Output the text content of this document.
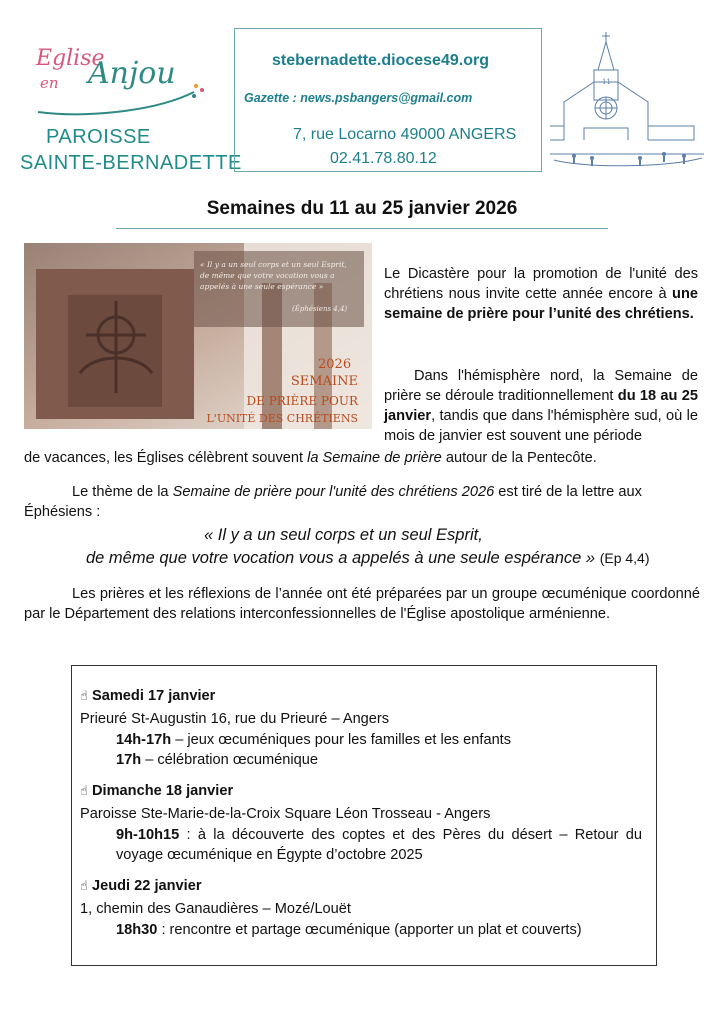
Eglise
en Anjou
PAROISSE
SAINTE-BERNADETTE
stebernadette.diocese49.org
Gazette : news.psbangers@gmail.com
7, rue Locarno 49000 ANGERS
02.41.78.80.12
11
Semaines du 11 au 25 janvier 2026
« Il y a un seul corps et un seul Esprit, de même que votre vocation vous a appelés à une seule espérance »
(Éphésiens 4,4)
2026
SEMAINE
DE PRIÈRE POUR
L'UNITÉ DES CHRÉTIENS
Le Dicastère pour la promotion de l'unité des chrétiens nous invite cette année encore à une semaine de prière pour l’unité des chrétiens.
Dans l'hémisphère nord, la Semaine de prière se déroule traditionnellement du 18 au 25 janvier, tandis que dans l'hémisphère sud, où le mois de janvier est souvent une période
de vacances, les Églises célèbrent souvent la Semaine de prière autour de la Pentecôte.
Le thème de la Semaine de prière pour l'unité des chrétiens 2026 est tiré de la lettre aux Éphésiens :
« Il y a un seul corps et un seul Esprit,
de même que votre vocation vous a appelés à une seule espérance » (Ep 4,4)
Les prières et les réflexions de l’année ont été préparées par un groupe œcuménique coordonné par le Département des relations interconfessionnelles de l'Église apostolique arménienne.
☝ Samedi 17 janvier
Prieuré St-Augustin 16, rue du Prieuré – Angers
14h-17h – jeux œcuméniques pour les familles et les enfants
17h – célébration œcuménique
☝ Dimanche 18 janvier
Paroisse Ste-Marie-de-la-Croix Square Léon Trosseau - Angers
9h-10h15 : à la découverte des coptes et des Pères du désert – Retour du voyage œcuménique en Égypte d’octobre 2025
☝ Jeudi 22 janvier
1, chemin des Ganaudières – Mozé/Louët
18h30 : rencontre et partage œcuménique (apporter un plat et couverts)
